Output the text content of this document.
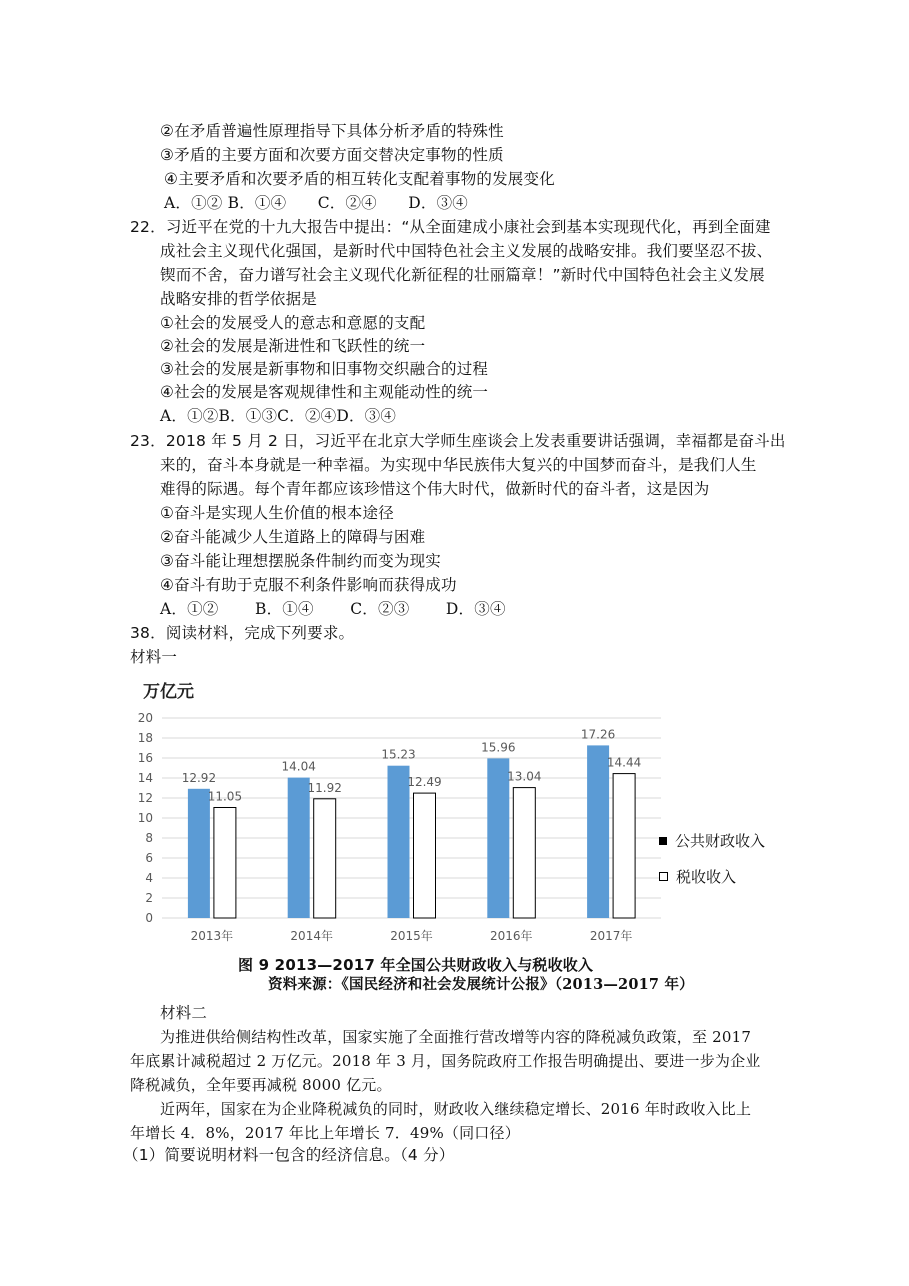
②在矛盾普遍性原理指导下具体分析矛盾的特殊性
③矛盾的主要方面和次要方面交替决定事物的性质
④主要矛盾和次要矛盾的相互转化支配着事物的发展变化
A．①② B．①④　　C．②④　　D．③④
22．习近平在党的十九大报告中提出：“从全面建成小康社会到基本实现现代化，再到全面建
成社会主义现代化强国，是新时代中国特色社会主义发展的战略安排。我们要坚忍不拔、
锲而不舍，奋力谱写社会主义现代化新征程的壮丽篇章！”新时代中国特色社会主义发展
战略安排的哲学依据是
①社会的发展受人的意志和意愿的支配
②社会的发展是渐进性和飞跃性的统一
③社会的发展是新事物和旧事物交织融合的过程
④社会的发展是客观规律性和主观能动性的统一
A．①②B．①③C．②④D．③④
23．2018 年 5 月 2 日，习近平在北京大学师生座谈会上发表重要讲话强调，幸福都是奋斗出
来的，奋斗本身就是一种幸福。为实现中华民族伟大复兴的中国梦而奋斗，是我们人生
难得的际遇。每个青年都应该珍惜这个伟大时代，做新时代的奋斗者，这是因为
①奋斗是实现人生价值的根本途径
②奋斗能减少人生道路上的障碍与困难
③奋斗能让理想摆脱条件制约而变为现实
④奋斗有助于克服不利条件影响而获得成功
A．①②　　 B．①④　　 C．②③　　 D．③④
38．阅读材料，完成下列要求。
材料一
万亿元
0
2
4
6
8
10
12
14
16
18
20
12.92
11.05
14.04
11.92
15.23
12.49
15.96
13.04
17.26
14.44
2013年	2014年	2015年	2016年	2017年
公共财政收入
税收收入
图 9 2013—2017 年全国公共财政收入与税收收入
资料来源：《国民经济和社会发展统计公报》（2013—2017 年）
材料二
为推进供给侧结构性改革，国家实施了全面推行营改增等内容的降税减负政策，至 2017
年底累计减税超过 2 万亿元。2018 年 3 月，国务院政府工作报告明确提出、要进一步为企业
降税减负，全年要再减税 8000 亿元。
近两年，国家在为企业降税减负的同时，财政收入继续稳定增长、2016 年时政收入比上
年增长 4．8%，2017 年比上年增长 7．49%（同口径）
（1）简要说明材料一包含的经济信息。（4 分）
